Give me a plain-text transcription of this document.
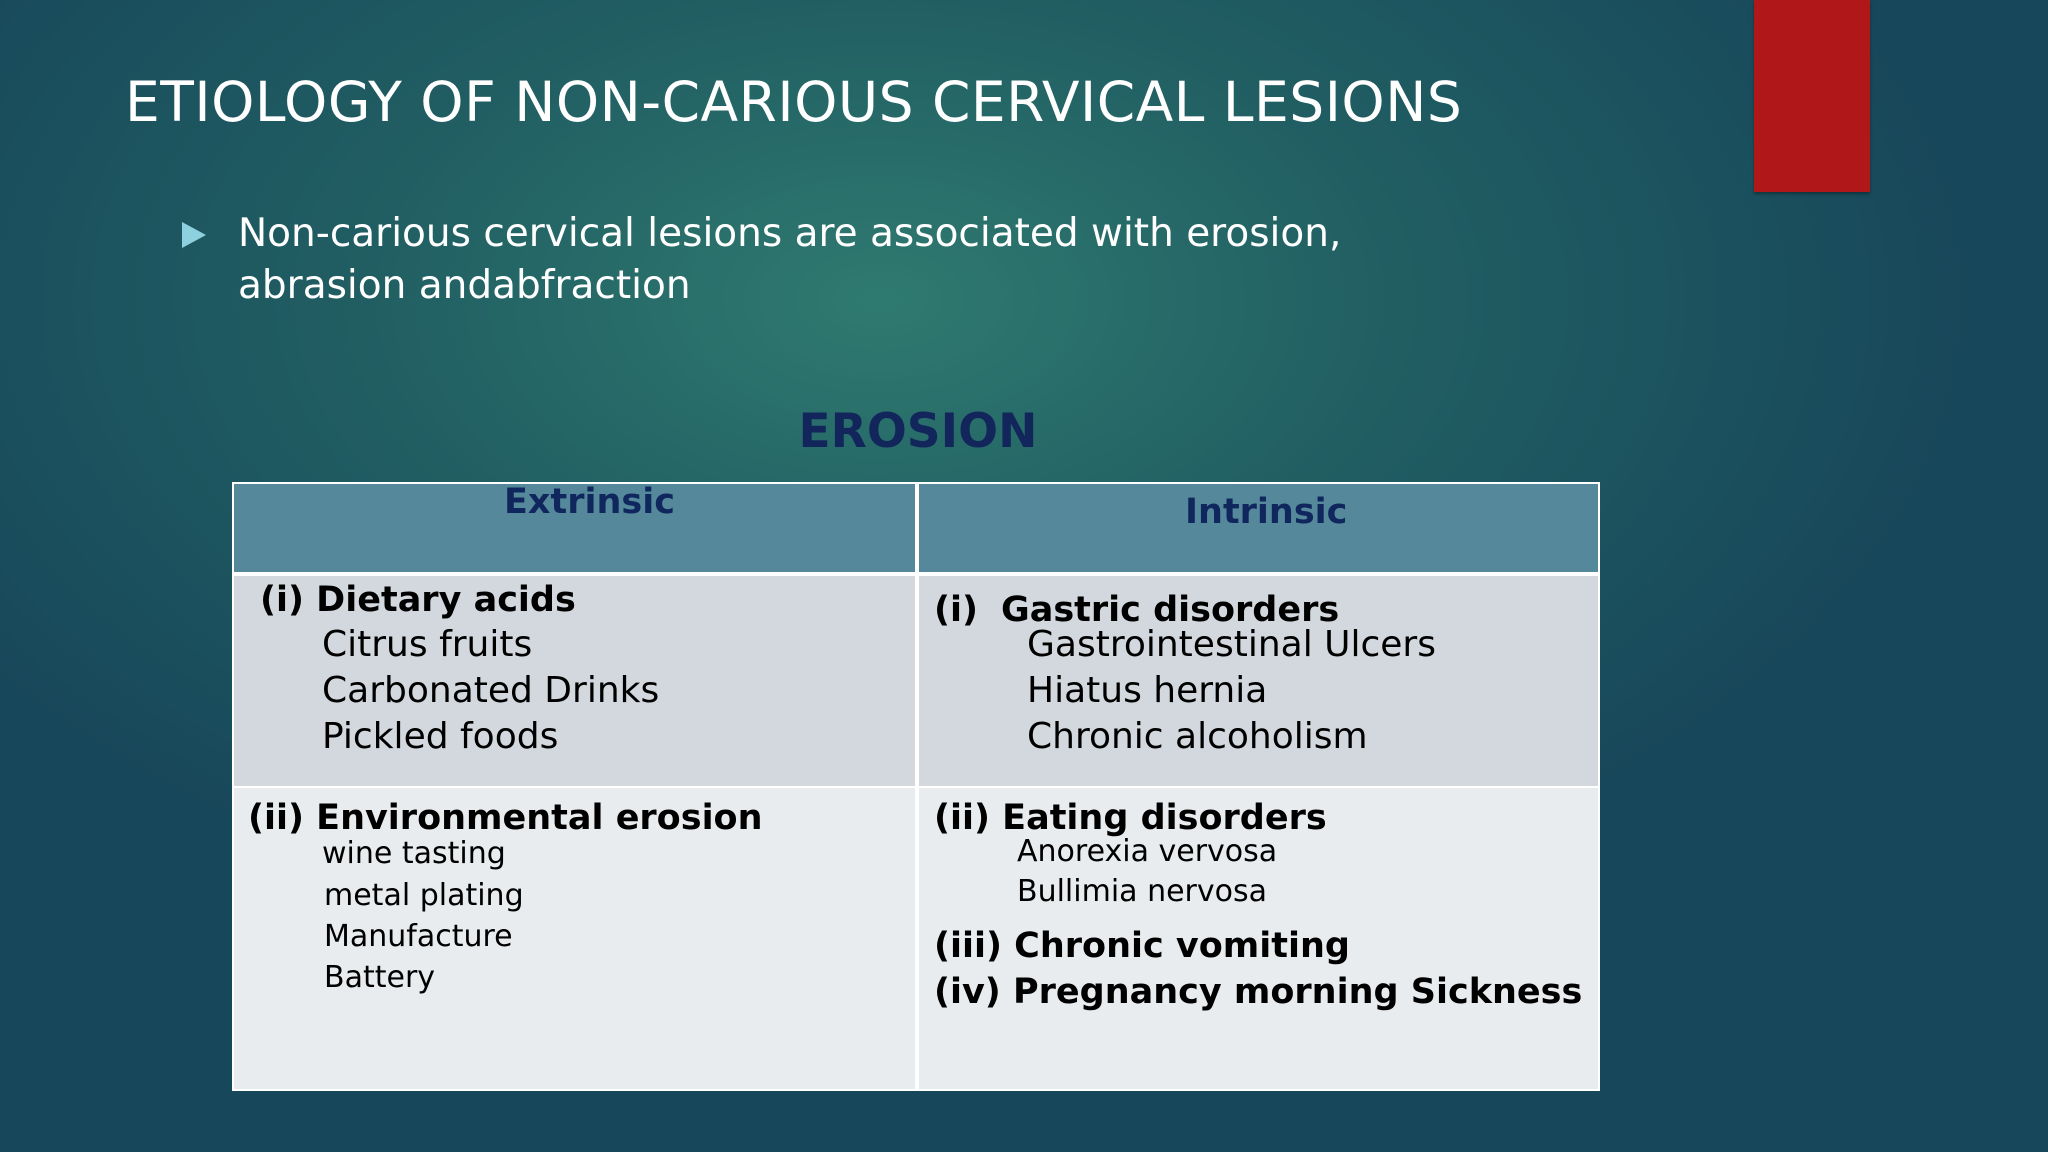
ETIOLOGY OF NON-CARIOUS CERVICAL LESIONS
Non-carious cervical lesions are associated with erosion, abrasion andabfraction
EROSION
Extrinsic	Intrinsic
(i) Dietary acids
Citrus fruits
Carbonated Drinks
Pickled foods
(i) Gastric disorders
Gastrointestinal Ulcers
Hiatus hernia
Chronic alcoholism
(ii) Environmental erosion
wine tasting
metal plating
Manufacture
Battery
(ii) Eating disorders
Anorexia vervosa
Bullimia nervosa
(iii) Chronic vomiting
(iv) Pregnancy morning Sickness
